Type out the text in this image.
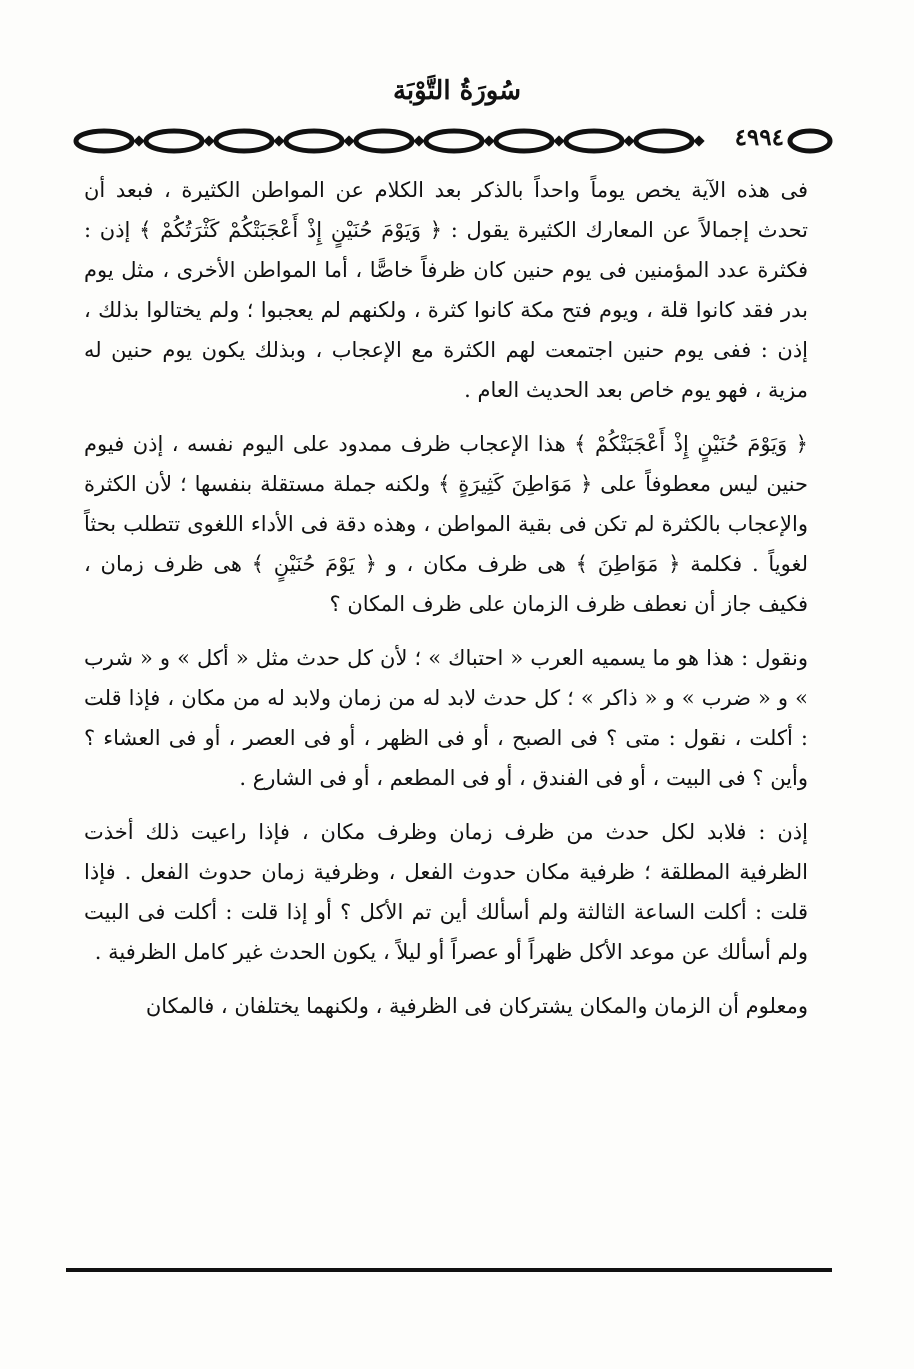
سُورَةُ التَّوْبَة
٤٩٩٤

فى هذه الآية يخص يوماً واحداً بالذكر بعد الكلام عن المواطن الكثيرة ، فبعد أن تحدث إجمالاً عن المعارك الكثيرة يقول : ﴿ وَيَوْمَ حُنَيْنٍ إِذْ أَعْجَبَتْكُمْ كَثْرَتُكُمْ ﴾ إذن : فكثرة عدد المؤمنين فى يوم حنين كان ظرفاً خاصًّا ، أما المواطن الأخرى ، مثل يوم بدر فقد كانوا قلة ، ويوم فتح مكة كانوا كثرة ، ولكنهم لم يعجبوا ؛ ولم يختالوا بذلك ، إذن : ففى يوم حنين اجتمعت لهم الكثرة مع الإعجاب ، وبذلك يكون يوم حنين له مزية ، فهو يوم خاص بعد الحديث العام .

﴿ وَيَوْمَ حُنَيْنٍ إِذْ أَعْجَبَتْكُمْ ﴾ هذا الإعجاب ظرف ممدود على اليوم نفسه ، إذن فيوم حنين ليس معطوفاً على ﴿ مَوَاطِنَ كَثِيرَةٍ ﴾ ولكنه جملة مستقلة بنفسها ؛ لأن الكثرة والإعجاب بالكثرة لم تكن فى بقية المواطن ، وهذه دقة فى الأداء اللغوى تتطلب بحثاً لغوياً . فكلمة ﴿ مَوَاطِنَ ﴾ هى ظرف مكان ، و ﴿ يَوْمَ حُنَيْنٍ ﴾ هى ظرف زمان ، فكيف جاز أن نعطف ظرف الزمان على ظرف المكان ؟

ونقول : هذا هو ما يسميه العرب « احتباك » ؛ لأن كل حدث مثل « أكل » و « شرب » و « ضرب » و « ذاكر » ؛ كل حدث لابد له من زمان ولابد له من مكان ، فإذا قلت : أكلت ، نقول : متى ؟ فى الصبح ، أو فى الظهر ، أو فى العصر ، أو فى العشاء ؟ وأين ؟ فى البيت ، أو فى الفندق ، أو فى المطعم ، أو فى الشارع .

إذن : فلابد لكل حدث من ظرف زمان وظرف مكان ، فإذا راعيت ذلك أخذت الظرفية المطلقة ؛ ظرفية مكان حدوث الفعل ، وظرفية زمان حدوث الفعل . فإذا قلت : أكلت الساعة الثالثة ولم أسألك أين تم الأكل ؟ أو إذا قلت : أكلت فى البيت ولم أسألك عن موعد الأكل ظهراً أو عصراً أو ليلاً ، يكون الحدث غير كامل الظرفية .

ومعلوم أن الزمان والمكان يشتركان فى الظرفية ، ولكنهما يختلفان ، فالمكان
